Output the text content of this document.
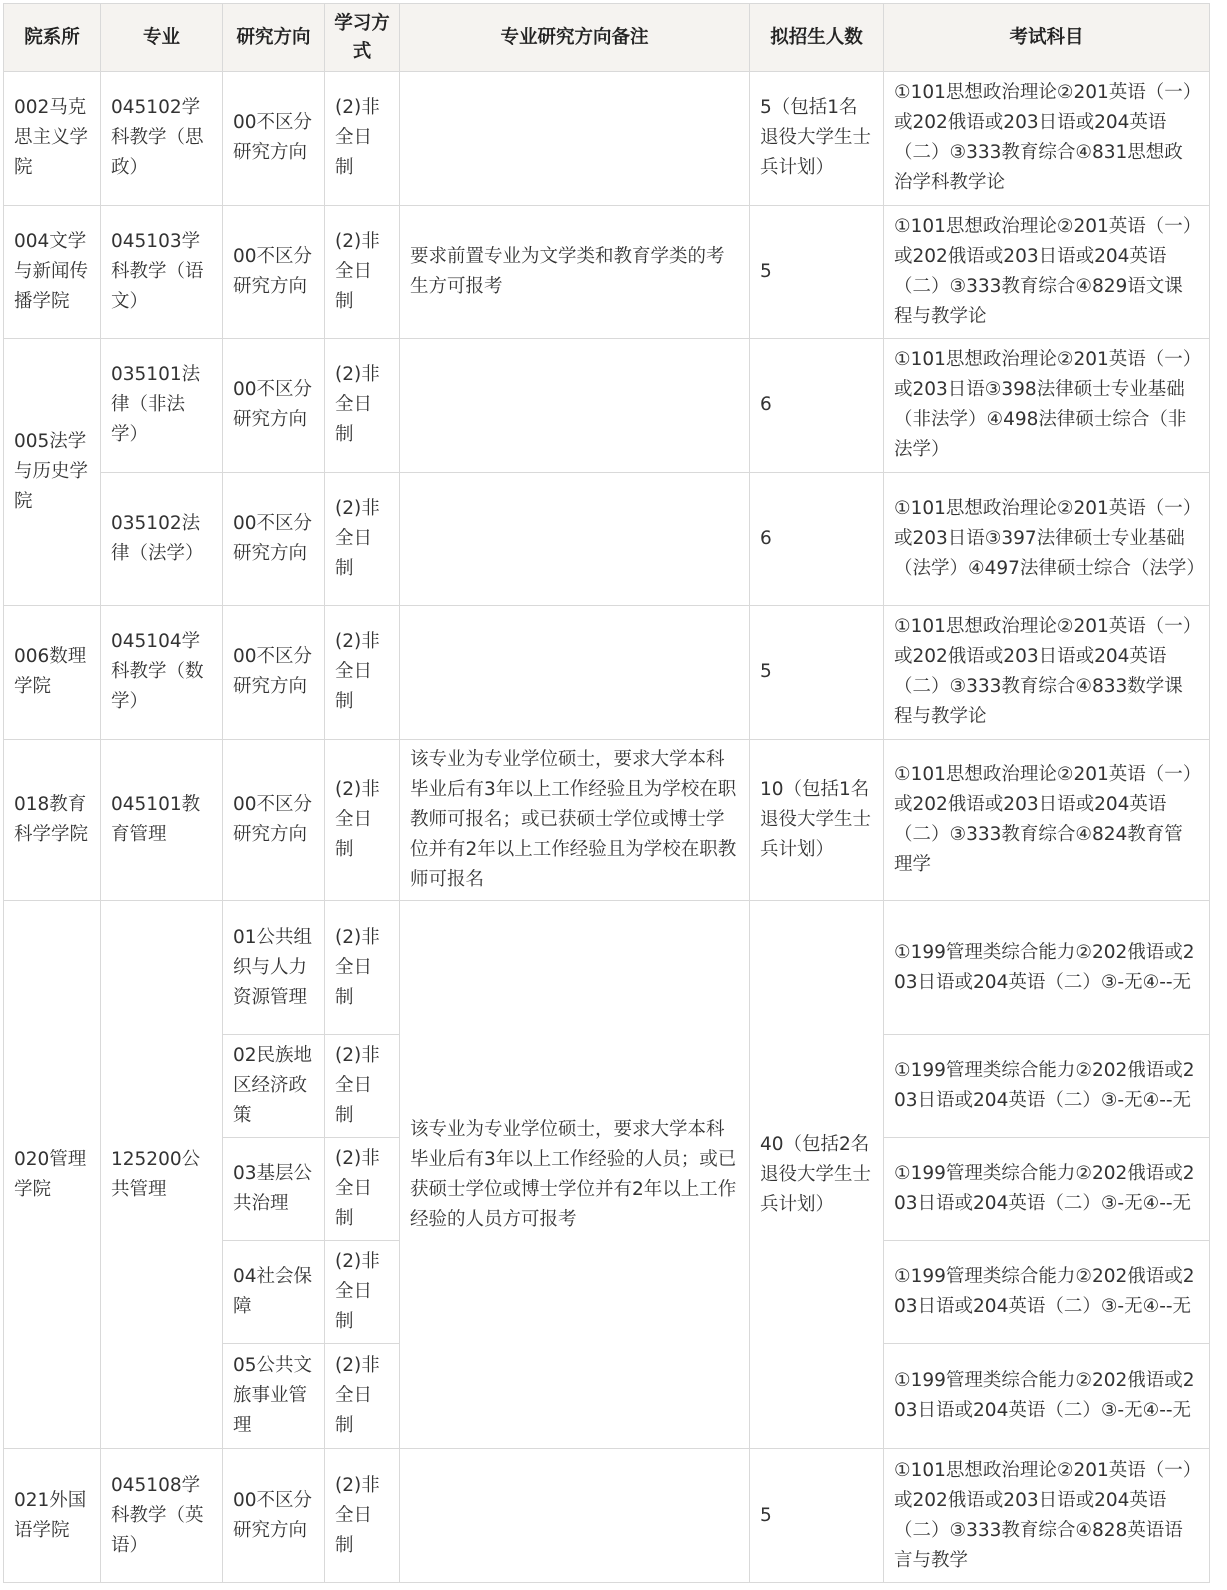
院系所	专业	研究方向	学习方式	专业研究方向备注	拟招生人数	考试科目
002马克思主义学院	045102学科教学（思政）	00不区分研究方向	(2)非全日制		5（包括1名退役大学生士兵计划）	①101思想政治理论②201英语（一）或202俄语或203日语或204英语（二）③333教育综合④831思想政治学科教学论
004文学与新闻传播学院	045103学科教学（语文）	00不区分研究方向	(2)非全日制	要求前置专业为文学类和教育学类的考生方可报考	5	①101思想政治理论②201英语（一）或202俄语或203日语或204英语（二）③333教育综合④829语文课程与教学论
005法学与历史学院	035101法律（非法学）	00不区分研究方向	(2)非全日制		6	①101思想政治理论②201英语（一）或203日语③398法律硕士专业基础（非法学）④498法律硕士综合（非法学）
	035102法律（法学）	00不区分研究方向	(2)非全日制		6	①101思想政治理论②201英语（一）或203日语③397法律硕士专业基础（法学）④497法律硕士综合（法学）
006数理学院	045104学科教学（数学）	00不区分研究方向	(2)非全日制		5	①101思想政治理论②201英语（一）或202俄语或203日语或204英语（二）③333教育综合④833数学课程与教学论
018教育科学学院	045101教育管理	00不区分研究方向	(2)非全日制	该专业为专业学位硕士，要求大学本科毕业后有3年以上工作经验且为学校在职教师可报名；或已获硕士学位或博士学位并有2年以上工作经验且为学校在职教师可报名	10（包括1名退役大学生士兵计划）	①101思想政治理论②201英语（一）或202俄语或203日语或204英语（二）③333教育综合④824教育管理学
020管理学院	125200公共管理	01公共组织与人力资源管理	(2)非全日制	该专业为专业学位硕士，要求大学本科毕业后有3年以上工作经验的人员；或已获硕士学位或博士学位并有2年以上工作经验的人员方可报考	40（包括2名退役大学生士兵计划）	①199管理类综合能力②202俄语或203日语或204英语（二）③-无④--无
		02民族地区经济政策	(2)非全日制			①199管理类综合能力②202俄语或203日语或204英语（二）③-无④--无
		03基层公共治理	(2)非全日制			①199管理类综合能力②202俄语或203日语或204英语（二）③-无④--无
		04社会保障	(2)非全日制			①199管理类综合能力②202俄语或203日语或204英语（二）③-无④--无
		05公共文旅事业管理	(2)非全日制			①199管理类综合能力②202俄语或203日语或204英语（二）③-无④--无
021外国语学院	045108学科教学（英语）	00不区分研究方向	(2)非全日制		5	①101思想政治理论②201英语（一）或202俄语或203日语或204英语（二）③333教育综合④828英语语言与教学
